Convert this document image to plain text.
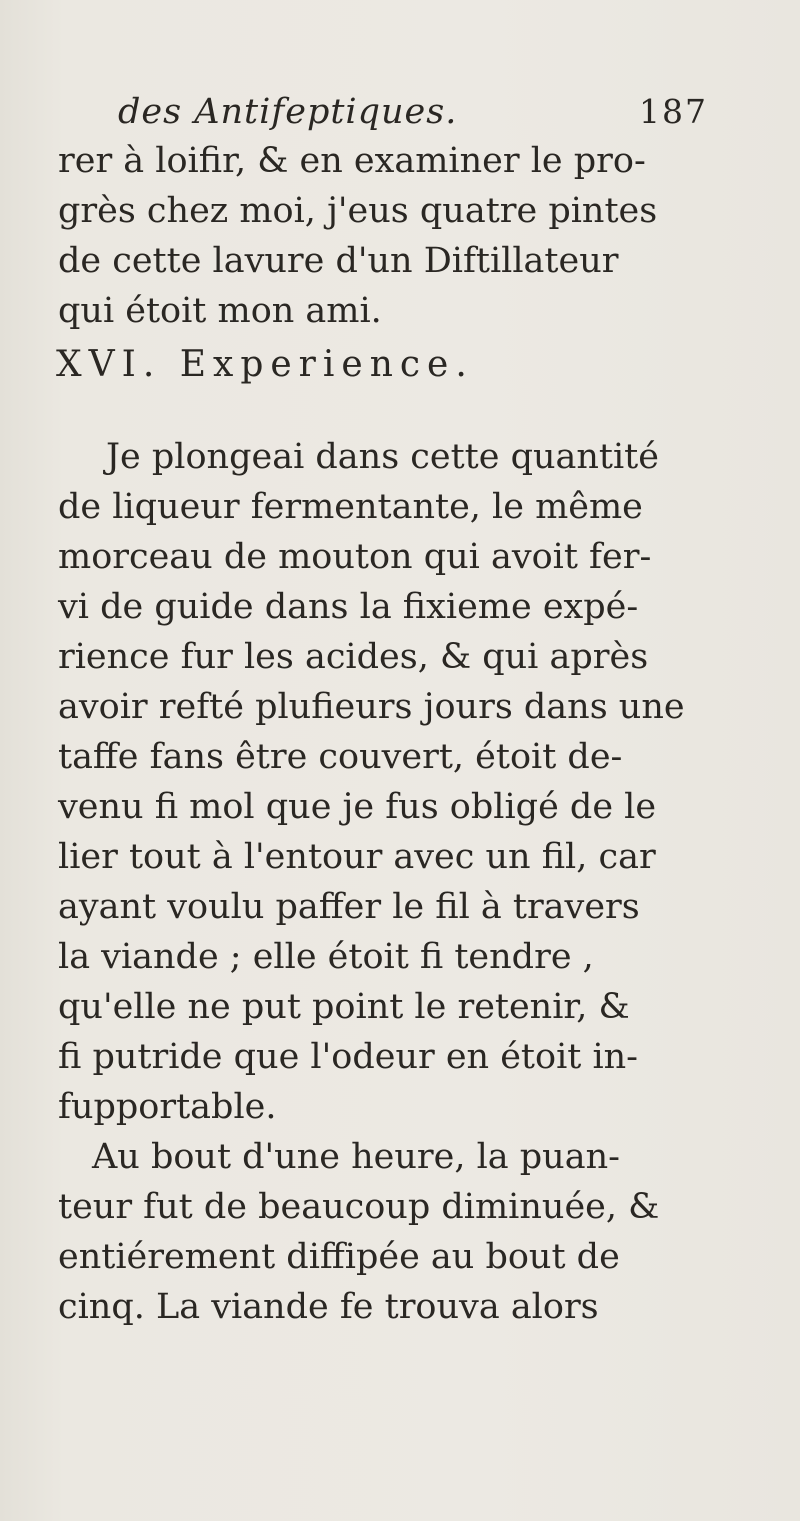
des Antifeptiques.	187
rer à loifir, & en examiner le pro-
grès chez moi, j'eus quatre pintes
de cette lavure d'un Diftillateur
qui étoit mon ami.
XVI. Experience.
Je plongeai dans cette quantité
de liqueur fermentante, le même
morceau de mouton qui avoit fer-
vi de guide dans la fixieme expé-
rience fur les acides, & qui après
avoir refté plufieurs jours dans une
taffe fans être couvert, étoit de-
venu fi mol que je fus obligé de le
lier tout à l'entour avec un fil, car
ayant voulu paffer le fil à travers
la viande ; elle étoit fi tendre ,
qu'elle ne put point le retenir, &
fi putride que l'odeur en étoit in-
fupportable.
Au bout d'une heure, la puan-
teur fut de beaucoup diminuée, &
entiérement diffipée au bout de
cinq. La viande fe trouva alors
